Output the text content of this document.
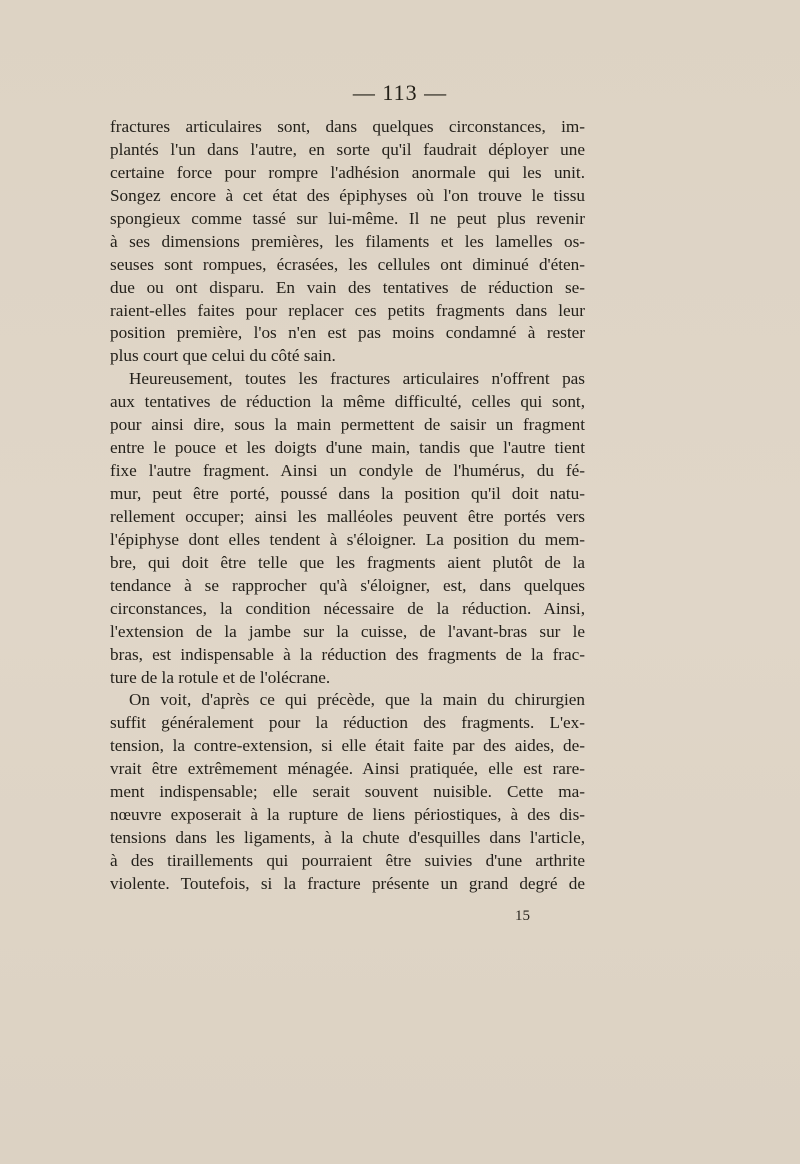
— 113 —
fractures articulaires sont, dans quelques circonstances, im-
plantés l'un dans l'autre, en sorte qu'il faudrait déployer une
certaine force pour rompre l'adhésion anormale qui les unit.
Songez encore à cet état des épiphyses où l'on trouve le tissu
spongieux comme tassé sur lui-même. Il ne peut plus revenir
à ses dimensions premières, les filaments et les lamelles os-
seuses sont rompues, écrasées, les cellules ont diminué d'éten-
due ou ont disparu. En vain des tentatives de réduction se-
raient-elles faites pour replacer ces petits fragments dans leur
position première, l'os n'en est pas moins condamné à rester
plus court que celui du côté sain.
Heureusement, toutes les fractures articulaires n'offrent pas
aux tentatives de réduction la même difficulté, celles qui sont,
pour ainsi dire, sous la main permettent de saisir un fragment
entre le pouce et les doigts d'une main, tandis que l'autre tient
fixe l'autre fragment. Ainsi un condyle de l'humérus, du fé-
mur, peut être porté, poussé dans la position qu'il doit natu-
rellement occuper; ainsi les malléoles peuvent être portés vers
l'épiphyse dont elles tendent à s'éloigner. La position du mem-
bre, qui doit être telle que les fragments aient plutôt de la
tendance à se rapprocher qu'à s'éloigner, est, dans quelques
circonstances, la condition nécessaire de la réduction. Ainsi,
l'extension de la jambe sur la cuisse, de l'avant-bras sur le
bras, est indispensable à la réduction des fragments de la frac-
ture de la rotule et de l'olécrane.
On voit, d'après ce qui précède, que la main du chirurgien
suffit généralement pour la réduction des fragments. L'ex-
tension, la contre-extension, si elle était faite par des aides, de-
vrait être extrêmement ménagée. Ainsi pratiquée, elle est rare-
ment indispensable; elle serait souvent nuisible. Cette ma-
nœuvre exposerait à la rupture de liens périostiques, à des dis-
tensions dans les ligaments, à la chute d'esquilles dans l'article,
à des tiraillements qui pourraient être suivies d'une arthrite
violente. Toutefois, si la fracture présente un grand degré de
15
